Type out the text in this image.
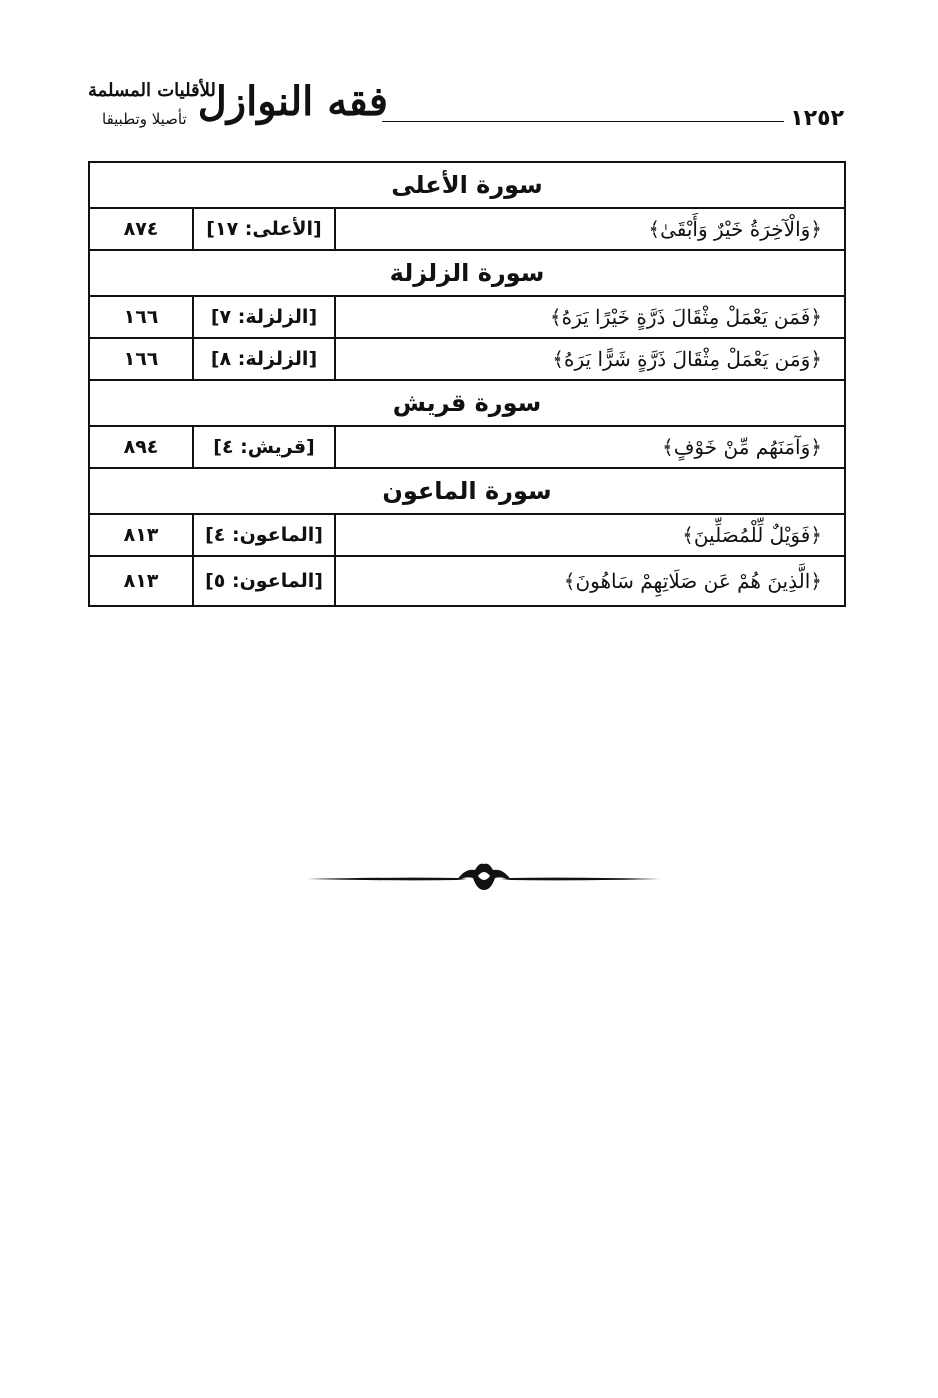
١٢٥٢
فقه النوازل
للأقليات المسلمة
تأصيلا وتطبيقا
سورة الأعلى		
﴿وَالْآخِرَةُ خَيْرٌ وَأَبْقَىٰ﴾	[الأعلى: ١٧]	٨٧٤
سورة الزلزلة		
﴿فَمَن يَعْمَلْ مِثْقَالَ ذَرَّةٍ خَيْرًا يَرَهُ﴾	[الزلزلة: ٧]	١٦٦
﴿وَمَن يَعْمَلْ مِثْقَالَ ذَرَّةٍ شَرًّا يَرَهُ﴾	[الزلزلة: ٨]	١٦٦
سورة قريش		
﴿وَآمَنَهُم مِّنْ خَوْفٍ﴾	[قريش: ٤]	٨٩٤
سورة الماعون		
﴿فَوَيْلٌ لِّلْمُصَلِّينَ﴾	[الماعون: ٤]	٨١٣
﴿الَّذِينَ هُمْ عَن صَلَاتِهِمْ سَاهُونَ﴾	[الماعون: ٥]	٨١٣
